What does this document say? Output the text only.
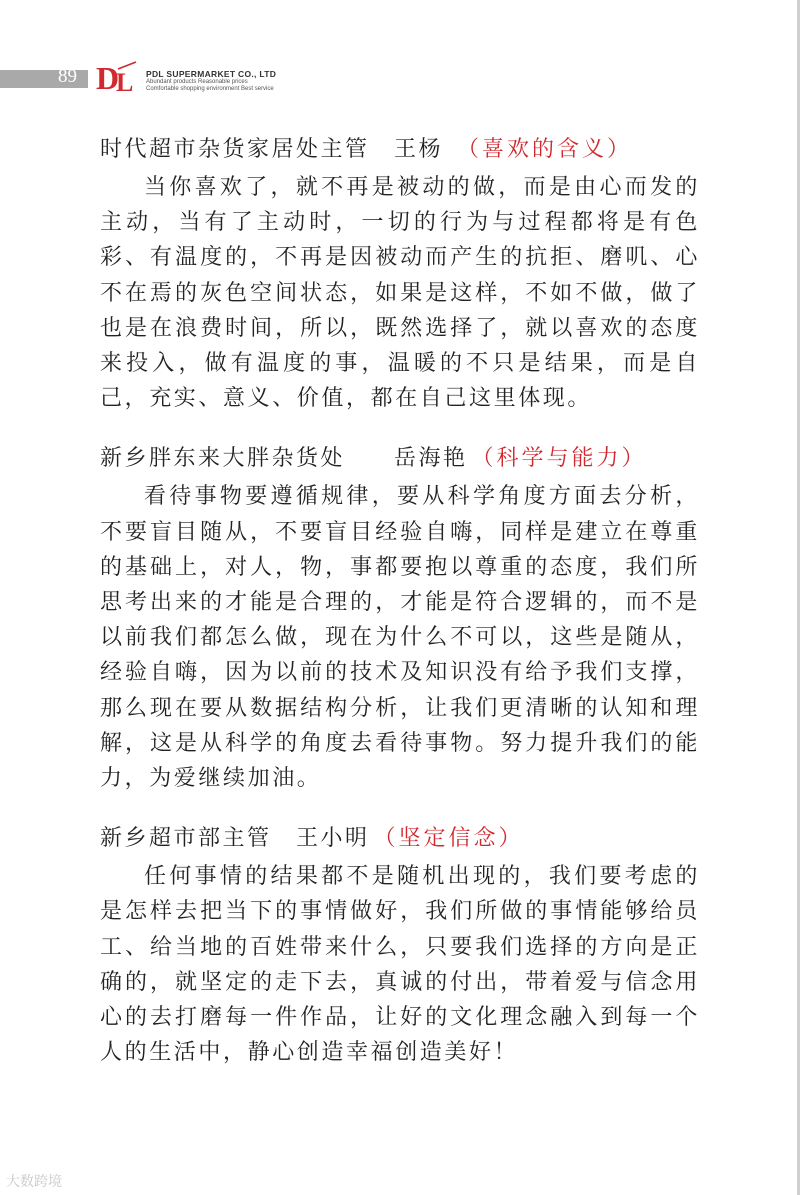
89 D
L PDL SUPERMARKET CO., LTD
Abundant products Reasonable prices
Comfortable shopping environment Best service

时代超市杂货家居处主管　王杨 （喜欢的含义）

当你喜欢了，就不再是被动的做，而是由心而发的主动，当有了主动时，一切的行为与过程都将是有色彩、有温度的，不再是因被动而产生的抗拒、磨叽、心不在焉的灰色空间状态，如果是这样，不如不做，做了也是在浪费时间，所以，既然选择了，就以喜欢的态度来投入，做有温度的事，温暖的不只是结果，而是自己，充实、意义、价值，都在自己这里体现。

新乡胖东来大胖杂货处　　岳海艳 （科学与能力）

看待事物要遵循规律，要从科学角度方面去分析，不要盲目随从，不要盲目经验自嗨，同样是建立在尊重的基础上，对人，物，事都要抱以尊重的态度，我们所思考出来的才能是合理的，才能是符合逻辑的，而不是以前我们都怎么做，现在为什么不可以，这些是随从，经验自嗨，因为以前的技术及知识没有给予我们支撑，那么现在要从数据结构分析，让我们更清晰的认知和理解，这是从科学的角度去看待事物。努力提升我们的能力，为爱继续加油。

新乡超市部主管　王小明 （坚定信念）

任何事情的结果都不是随机出现的，我们要考虑的是怎样去把当下的事情做好，我们所做的事情能够给员工、给当地的百姓带来什么，只要我们选择的方向是正确的，就坚定的走下去，真诚的付出，带着爱与信念用心的去打磨每一件作品，让好的文化理念融入到每一个人的生活中，静心创造幸福创造美好！

大数跨境
